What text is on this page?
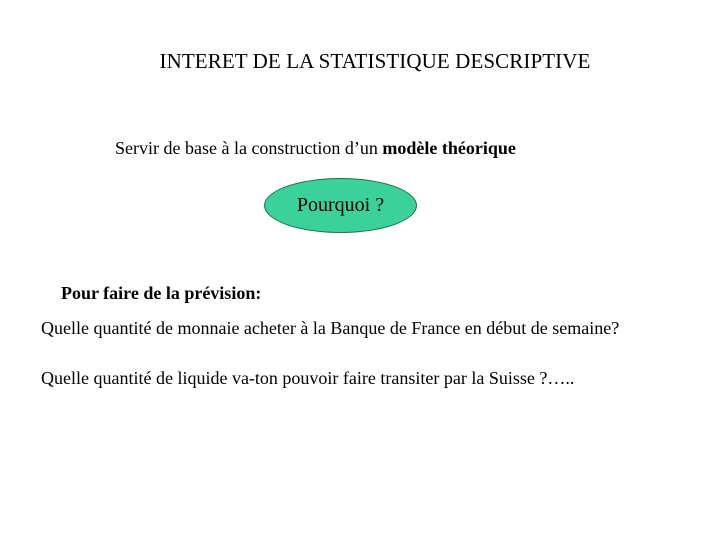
INTERET DE LA STATISTIQUE DESCRIPTIVE
Servir de base à la construction d’un modèle théorique
Pourquoi ?
Pour faire de la prévision:
Quelle quantité de monnaie acheter à la Banque de France en début de semaine?
Quelle quantité de liquide va-ton pouvoir faire transiter par la Suisse ?…..
